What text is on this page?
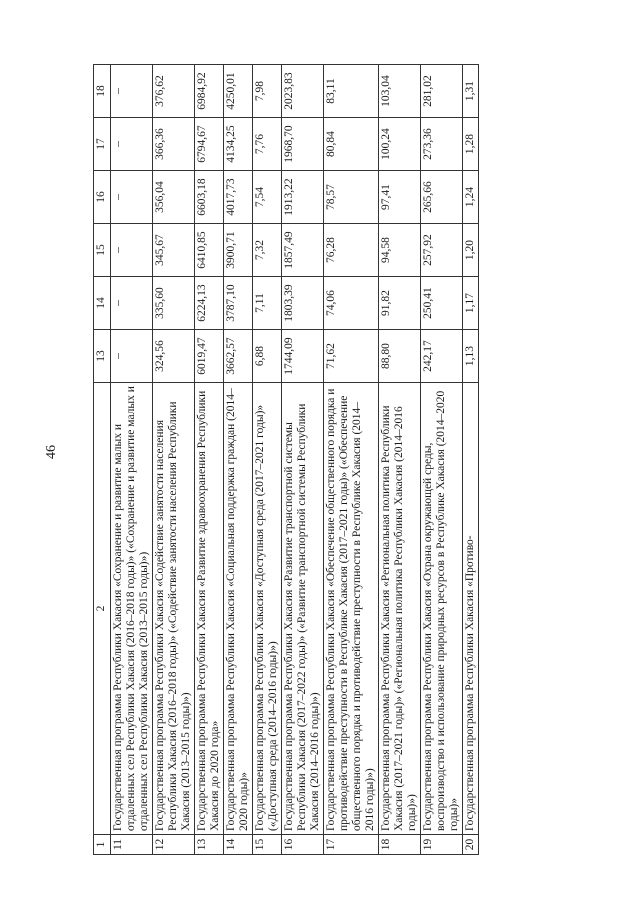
46
1	2	13	14	15	16	17	18
11	Государственная программа Республики Хакасия «Сохранение и развитие малых и отдаленных сел Республики Хакасия (2016–2018 годы)» («Сохранение и развитие малых и отдаленных сел Республики Хакасия (2013–2015 годы)»)	–	–	–	–	–	–
12	Государственная программа Республики Хакасия «Содействие занятости населения Республики Хакасия (2016–2018 годы)» («Содействие занятости населения Республики Хакасия (2013–2015 годы)»)	324,56	335,60	345,67	356,04	366,36	376,62
13	Государственная программа Республики Хакасия «Развитие здравоохранения Республики Хакасия до 2020 года»	6019,47	6224,13	6410,85	6603,18	6794,67	6984,92
14	Государственная программа Республики Хакасия «Социальная поддержка граждан (2014–2020 годы)»	3662,57	3787,10	3900,71	4017,73	4134,25	4250,01
15	Государственная программа Республики Хакасия «Доступная среда (2017–2021 годы)» («Доступная среда (2014–2016 годы)»)	6,88	7,11	7,32	7,54	7,76	7,98
16	Государственная программа Республики Хакасия «Развитие транспортной системы Республики Хакасия (2017–2022 годы)» («Развитие транспортной системы Республики Хакасия (2014–2016 годы)»)	1744,09	1803,39	1857,49	1913,22	1968,70	2023,83
17	Государственная программа Республики Хакасия «Обеспечение общественного порядка и противодействие преступности в Республике Хакасия (2017–2021 годы)» («Обеспечение общественного порядка и противодействие преступности в Республике Хакасия (2014–2016 годы)»)	71,62	74,06	76,28	78,57	80,84	83,11
18	Государственная программа Республики Хакасия «Региональная политика Республики Хакасия (2017–2021 годы)» («Региональная политика Республики Хакасия (2014–2016 годы)»)	88,80	91,82	94,58	97,41	100,24	103,04
19	Государственная программа Республики Хакасия «Охрана окружающей среды, воспроизводство и использование природных ресурсов в Республике Хакасия (2014–2020 годы)»	242,17	250,41	257,92	265,66	273,36	281,02
20	Государственная программа Республики Хакасия «Противо-	1,13	1,17	1,20	1,24	1,28	1,31
